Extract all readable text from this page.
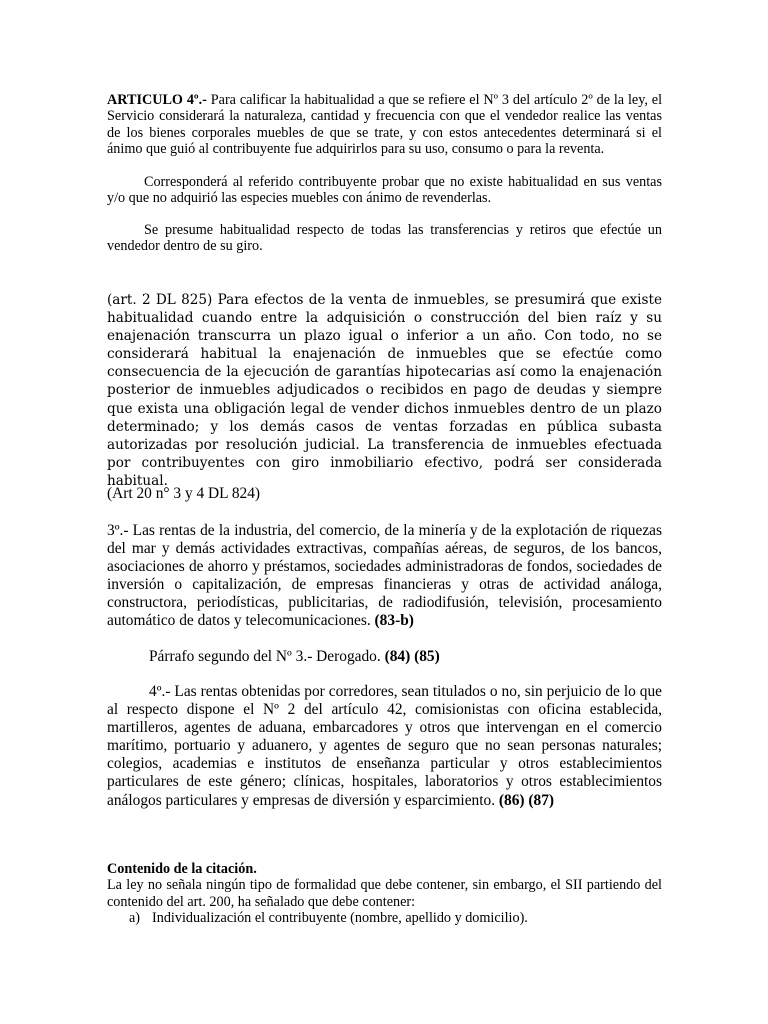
ARTICULO 4º.- Para calificar la habitualidad a que se refiere el Nº 3 del artículo 2º de la ley, el Servicio considerará la naturaleza, cantidad y frecuencia con que el vendedor realice las ventas de los bienes corporales muebles de que se trate, y con estos antecedentes determinará si el ánimo que guió al contribuyente fue adquirirlos para su uso, consumo o para la reventa.
Corresponderá al referido contribuyente probar que no existe habitualidad en sus ventas y/o que no adquirió las especies muebles con ánimo de revenderlas.
Se presume habitualidad respecto de todas las transferencias y retiros que efectúe un vendedor dentro de su giro.
(art. 2 DL 825) Para efectos de la venta de inmuebles, se presumirá que existe habitualidad cuando entre la adquisición o construcción del bien raíz y su enajenación transcurra un plazo igual o inferior a un año. Con todo, no se considerará habitual la enajenación de inmuebles que se efectúe como consecuencia de la ejecución de garantías hipotecarias así como la enajenación posterior de inmuebles adjudicados o recibidos en pago de deudas y siempre que exista una obligación legal de vender dichos inmuebles dentro de un plazo determinado; y los demás casos de ventas forzadas en pública subasta autorizadas por resolución judicial. La transferencia de inmuebles efectuada por contribuyentes con giro inmobiliario efectivo, podrá ser considerada habitual.
(Art 20 n° 3 y 4 DL 824)
3º.- Las rentas de la industria, del comercio, de la minería y de la explotación de riquezas del mar y demás actividades extractivas, compañías aéreas, de seguros, de los bancos, asociaciones de ahorro y préstamos, sociedades administradoras de fondos, sociedades de inversión o capitalización, de empresas financieras y otras de actividad análoga, constructora, periodísticas, publicitarias, de radiodifusión, televisión, procesamiento automático de datos y telecomunicaciones. (83-b)
Párrafo segundo del Nº 3.- Derogado. (84) (85)
4º.- Las rentas obtenidas por corredores, sean titulados o no, sin perjuicio de lo que al respecto dispone el Nº 2 del artículo 42, comisionistas con oficina establecida, martilleros, agentes de aduana, embarcadores y otros que intervengan en el comercio marítimo, portuario y aduanero, y agentes de seguro que no sean personas naturales; colegios, academias e institutos de enseñanza particular y otros establecimientos particulares de este género; clínicas, hospitales, laboratorios y otros establecimientos análogos particulares y empresas de diversión y esparcimiento. (86) (87)
Contenido de la citación.
La ley no señala ningún tipo de formalidad que debe contener, sin embargo, el SII partiendo del contenido del art. 200, ha señalado que debe contener:
a) Individualización el contribuyente (nombre, apellido y domicilio).
